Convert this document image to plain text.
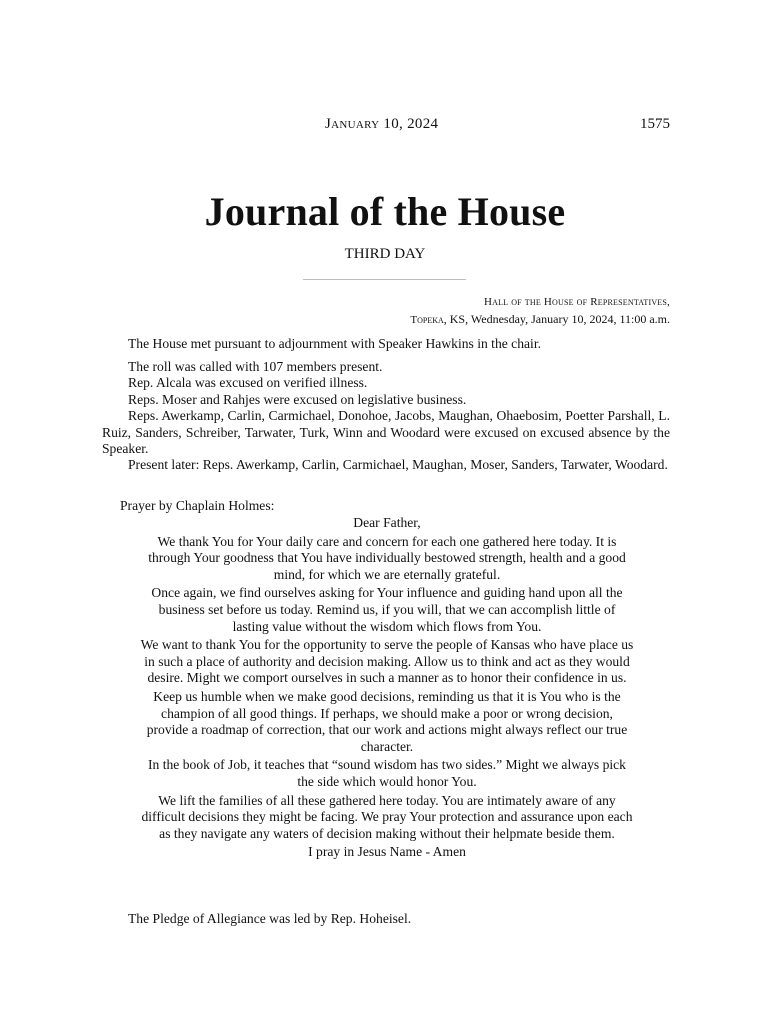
January 10, 2024	1575
Journal of the House
THIRD DAY
Hall of the House of Representatives,
Topeka, KS, Wednesday, January 10, 2024, 11:00 a.m.

The House met pursuant to adjournment with Speaker Hawkins in the chair.

The roll was called with 107 members present.

Rep. Alcala was excused on verified illness.

Reps. Moser and Rahjes were excused on legislative business.

Reps. Awerkamp, Carlin, Carmichael, Donohoe, Jacobs, Maughan, Ohaebosim, Poetter Parshall, L. Ruiz, Sanders, Schreiber, Tarwater, Turk, Winn and Woodard were excused on excused absence by the Speaker.

Present later: Reps. Awerkamp, Carlin, Carmichael, Maughan, Moser, Sanders, Tarwater, Woodard.

Prayer by Chaplain Holmes:

Dear Father,

We thank You for Your daily care and concern for each one gathered here today. It is through Your goodness that You have individually bestowed strength, health and a good mind, for which we are eternally grateful.

Once again, we find ourselves asking for Your influence and guiding hand upon all the business set before us today. Remind us, if you will, that we can accomplish little of lasting value without the wisdom which flows from You.

We want to thank You for the opportunity to serve the people of Kansas who have place us in such a place of authority and decision making. Allow us to think and act as they would desire. Might we comport ourselves in such a manner as to honor their confidence in us.

Keep us humble when we make good decisions, reminding us that it is You who is the champion of all good things. If perhaps, we should make a poor or wrong decision, provide a roadmap of correction, that our work and actions might always reflect our true character.

In the book of Job, it teaches that “sound wisdom has two sides.” Might we always pick the side which would honor You.

We lift the families of all these gathered here today. You are intimately aware of any difficult decisions they might be facing. We pray Your protection and assurance upon each as they navigate any waters of decision making without their helpmate beside them.

I pray in Jesus Name - Amen

The Pledge of Allegiance was led by Rep. Hoheisel.
